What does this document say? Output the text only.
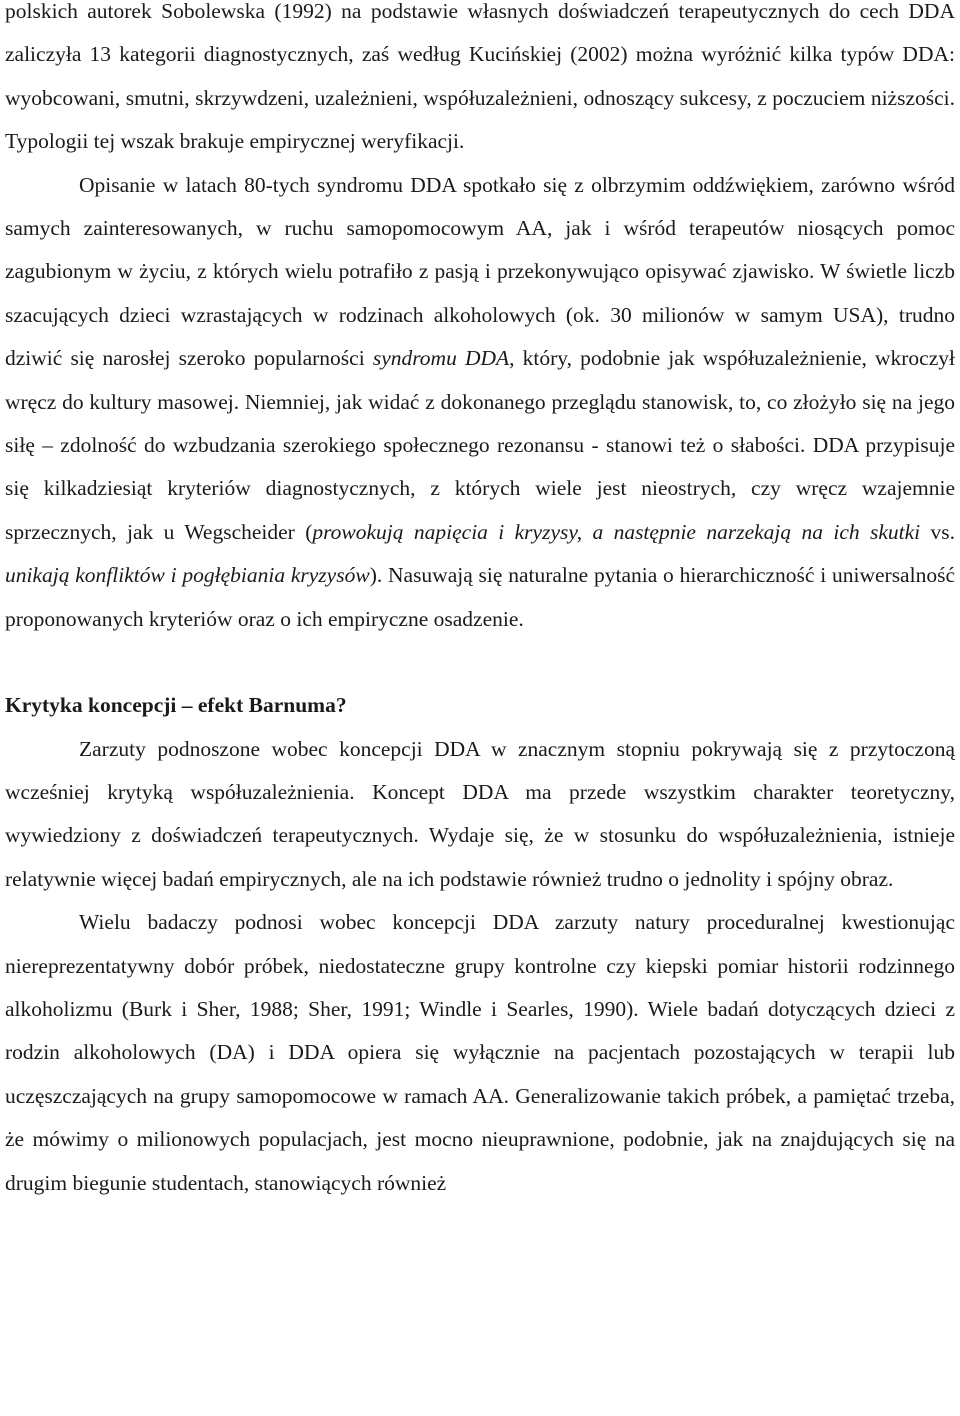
polskich autorek Sobolewska (1992) na podstawie własnych doświadczeń terapeutycznych do cech DDA zaliczyła 13 kategorii diagnostycznych, zaś według Kucińskiej (2002) można wyróżnić kilka typów DDA: wyobcowani, smutni, skrzywdzeni, uzależnieni, współuzależnieni, odnoszący sukcesy, z poczuciem niższości. Typologii tej wszak brakuje empirycznej weryfikacji.

Opisanie w latach 80-tych syndromu DDA spotkało się z olbrzymim oddźwiękiem, zarówno wśród samych zainteresowanych, w ruchu samopomocowym AA, jak i wśród terapeutów niosących pomoc zagubionym w życiu, z których wielu potrafiło z pasją i przekonywująco opisywać zjawisko. W świetle liczb szacujących dzieci wzrastających w rodzinach alkoholowych (ok. 30 milionów w samym USA), trudno dziwić się narosłej szeroko popularności syndromu DDA, który, podobnie jak współuzależnienie, wkroczył wręcz do kultury masowej. Niemniej, jak widać z dokonanego przeglądu stanowisk, to, co złożyło się na jego siłę – zdolność do wzbudzania szerokiego społecznego rezonansu - stanowi też o słabości. DDA przypisuje się kilkadziesiąt kryteriów diagnostycznych, z których wiele jest nieostrych, czy wręcz wzajemnie sprzecznych, jak u Wegscheider (prowokują napięcia i kryzysy, a następnie narzekają na ich skutki vs. unikają konfliktów i pogłębiania kryzysów). Nasuwają się naturalne pytania o hierarchiczność i uniwersalność proponowanych kryteriów oraz o ich empiryczne osadzenie.

Krytyka koncepcji – efekt Barnuma?

Zarzuty podnoszone wobec koncepcji DDA w znacznym stopniu pokrywają się z przytoczoną wcześniej krytyką współuzależnienia. Koncept DDA ma przede wszystkim charakter teoretyczny, wywiedziony z doświadczeń terapeutycznych. Wydaje się, że w stosunku do współuzależnienia, istnieje relatywnie więcej badań empirycznych, ale na ich podstawie również trudno o jednolity i spójny obraz.

Wielu badaczy podnosi wobec koncepcji DDA zarzuty natury proceduralnej kwestionując niereprezentatywny dobór próbek, niedostateczne grupy kontrolne czy kiepski pomiar historii rodzinnego alkoholizmu (Burk i Sher, 1988; Sher, 1991; Windle i Searles, 1990). Wiele badań dotyczących dzieci z rodzin alkoholowych (DA) i DDA opiera się wyłącznie na pacjentach pozostających w terapii lub uczęszczających na grupy samopomocowe w ramach AA. Generalizowanie takich próbek, a pamiętać trzeba, że mówimy o milionowych populacjach, jest mocno nieuprawnione, podobnie, jak na znajdujących się na drugim biegunie studentach, stanowiących również
